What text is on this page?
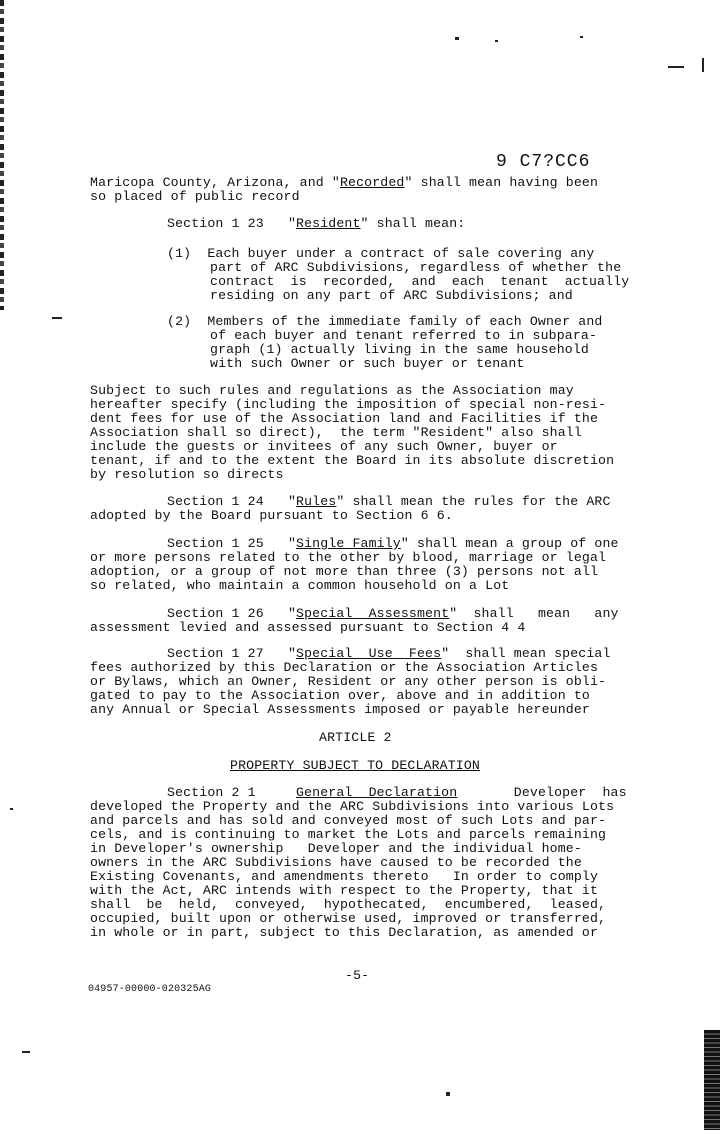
9 C7?CC6
Maricopa County, Arizona, and "Recorded" shall mean having been
so placed of public record
Section 1 23   "Resident" shall mean:
(1)  Each buyer under a contract of sale covering any
part of ARC Subdivisions, regardless of whether the
contract  is  recorded,  and  each  tenant  actually
residing on any part of ARC Subdivisions; and
(2)  Members of the immediate family of each Owner and
of each buyer and tenant referred to in subpara-
graph (1) actually living in the same household
with such Owner or such buyer or tenant
Subject to such rules and regulations as the Association may
hereafter specify (including the imposition of special non-resi-
dent fees for use of the Association land and Facilities if the
Association shall so direct),  the term "Resident" also shall
include the guests or invitees of any such Owner, buyer or
tenant, if and to the extent the Board in its absolute discretion
by resolution so directs
Section 1 24   "Rules" shall mean the rules for the ARC
adopted by the Board pursuant to Section 6 6.
Section 1 25   "Single Family" shall mean a group of one
or more persons related to the other by blood, marriage or legal
adoption, or a group of not more than three (3) persons not all
so related, who maintain a common household on a Lot
Section 1 26   "Special  Assessment"  shall   mean   any
assessment levied and assessed pursuant to Section 4 4
Section 1 27   "Special  Use  Fees"  shall mean special
fees authorized by this Declaration or the Association Articles
or Bylaws, which an Owner, Resident or any other person is obli-
gated to pay to the Association over, above and in addition to
any Annual or Special Assessments imposed or payable hereunder
ARTICLE 2
PROPERTY SUBJECT TO DECLARATION
Section 2 1     General  Declaration       Developer  has
developed the Property and the ARC Subdivisions into various Lots
and parcels and has sold and conveyed most of such Lots and par-
cels, and is continuing to market the Lots and parcels remaining
in Developer's ownership   Developer and the individual home-
owners in the ARC Subdivisions have caused to be recorded the
Existing Covenants, and amendments thereto   In order to comply
with the Act, ARC intends with respect to the Property, that it
shall  be  held,  conveyed,  hypothecated,  encumbered,  leased,
occupied, built upon or otherwise used, improved or transferred,
in whole or in part, subject to this Declaration, as amended or
-5-
04957-00000-020325AG
